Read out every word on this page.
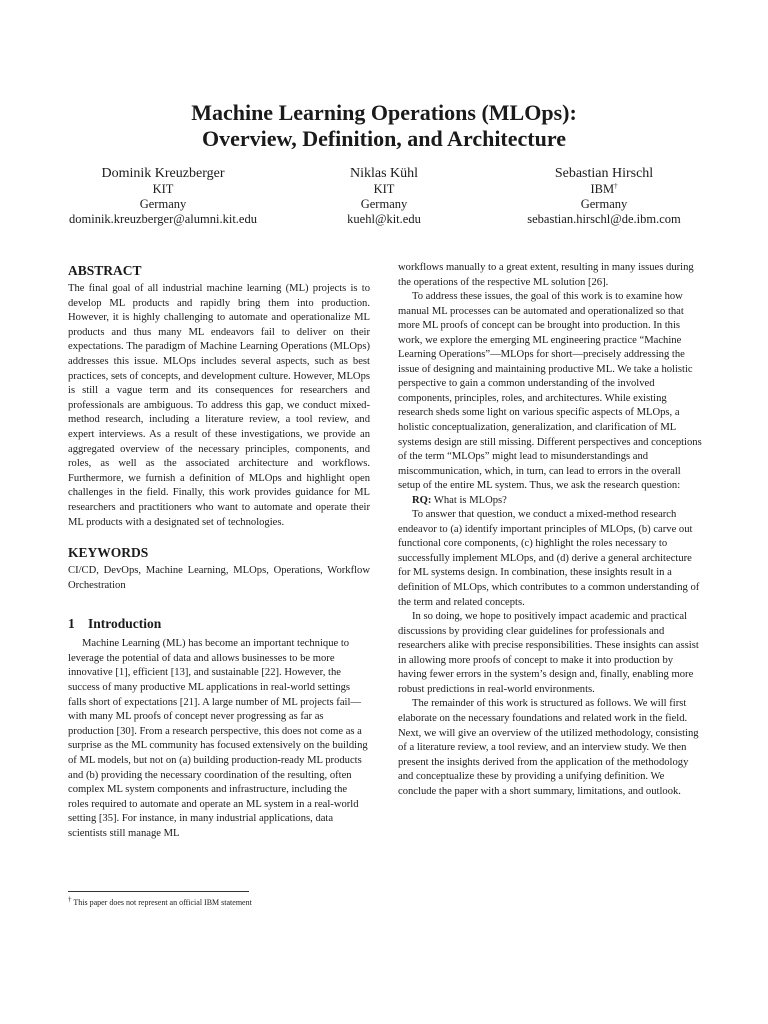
Machine Learning Operations (MLOps):
Overview, Definition, and Architecture
Dominik Kreuzberger
KIT
Germany
dominik.kreuzberger@alumni.kit.edu
Niklas Kühl
KIT
Germany
kuehl@kit.edu
Sebastian Hirschl
IBM†
Germany
sebastian.hirschl@de.ibm.com
ABSTRACT

The final goal of all industrial machine learning (ML) projects is to develop ML products and rapidly bring them into production. However, it is highly challenging to automate and operationalize ML products and thus many ML endeavors fail to deliver on their expectations. The paradigm of Machine Learning Operations (MLOps) addresses this issue. MLOps includes several aspects, such as best practices, sets of concepts, and development culture. However, MLOps is still a vague term and its consequences for researchers and professionals are ambiguous. To address this gap, we conduct mixed-method research, including a literature review, a tool review, and expert interviews. As a result of these investigations, we provide an aggregated overview of the necessary principles, components, and roles, as well as the associated architecture and workflows. Furthermore, we furnish a definition of MLOps and highlight open challenges in the field. Finally, this work provides guidance for ML researchers and practitioners who want to automate and operate their ML products with a designated set of technologies.

KEYWORDS

CI/CD, DevOps, Machine Learning, MLOps, Operations, Workflow Orchestration

1 Introduction

Machine Learning (ML) has become an important technique to leverage the potential of data and allows businesses to be more innovative [1], efficient [13], and sustainable [22]. However, the success of many productive ML applications in real-world settings falls short of expectations [21]. A large number of ML projects fail—with many ML proofs of concept never progressing as far as production [30]. From a research perspective, this does not come as a surprise as the ML community has focused extensively on the building of ML models, but not on (a) building production-ready ML products and (b) providing the necessary coordination of the resulting, often complex ML system components and infrastructure, including the roles required to automate and operate an ML system in a real-world setting [35]. For instance, in many industrial applications, data scientists still manage ML

workflows manually to a great extent, resulting in many issues during the operations of the respective ML solution [26].

To address these issues, the goal of this work is to examine how manual ML processes can be automated and operationalized so that more ML proofs of concept can be brought into production. In this work, we explore the emerging ML engineering practice “Machine Learning Operations”—MLOps for short—precisely addressing the issue of designing and maintaining productive ML. We take a holistic perspective to gain a common understanding of the involved components, principles, roles, and architectures. While existing research sheds some light on various specific aspects of MLOps, a holistic conceptualization, generalization, and clarification of ML systems design are still missing. Different perspectives and conceptions of the term “MLOps” might lead to misunderstandings and miscommunication, which, in turn, can lead to errors in the overall setup of the entire ML system. Thus, we ask the research question:

RQ: What is MLOps?

To answer that question, we conduct a mixed-method research endeavor to (a) identify important principles of MLOps, (b) carve out functional core components, (c) highlight the roles necessary to successfully implement MLOps, and (d) derive a general architecture for ML systems design. In combination, these insights result in a definition of MLOps, which contributes to a common understanding of the term and related concepts.

In so doing, we hope to positively impact academic and practical discussions by providing clear guidelines for professionals and researchers alike with precise responsibilities. These insights can assist in allowing more proofs of concept to make it into production by having fewer errors in the system’s design and, finally, enabling more robust predictions in real-world environments.

The remainder of this work is structured as follows. We will first elaborate on the necessary foundations and related work in the field. Next, we will give an overview of the utilized methodology, consisting of a literature review, a tool review, and an interview study. We then present the insights derived from the application of the methodology and conceptualize these by providing a unifying definition. We conclude the paper with a short summary, limitations, and outlook.

† This paper does not represent an official IBM statement
